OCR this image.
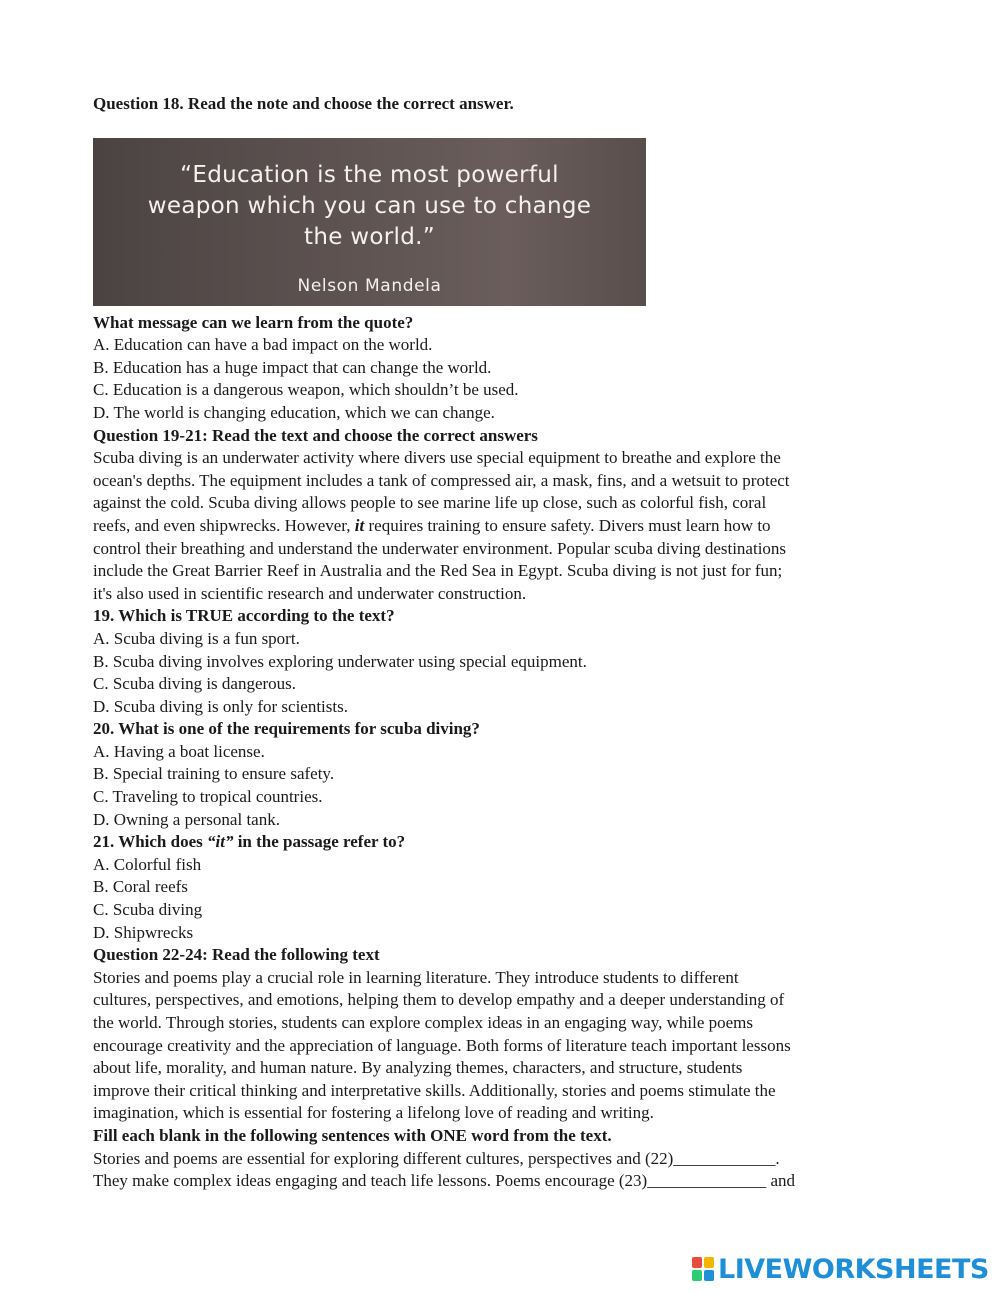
Question 18. Read the note and choose the correct answer.
“Education is the most powerful
weapon which you can use to change
the world.”
Nelson Mandela
What message can we learn from the quote?
A. Education can have a bad impact on the world.
B. Education has a huge impact that can change the world.
C. Education is a dangerous weapon, which shouldn’t be used.
D. The world is changing education, which we can change.
Question 19-21: Read the text and choose the correct answers
Scuba diving is an underwater activity where divers use special equipment to breathe and explore the
ocean's depths. The equipment includes a tank of compressed air, a mask, fins, and a wetsuit to protect
against the cold. Scuba diving allows people to see marine life up close, such as colorful fish, coral
reefs, and even shipwrecks. However, it requires training to ensure safety. Divers must learn how to
control their breathing and understand the underwater environment. Popular scuba diving destinations
include the Great Barrier Reef in Australia and the Red Sea in Egypt. Scuba diving is not just for fun;
it's also used in scientific research and underwater construction.
19. Which is TRUE according to the text?
A. Scuba diving is a fun sport.
B. Scuba diving involves exploring underwater using special equipment.
C. Scuba diving is dangerous.
D. Scuba diving is only for scientists.
20. What is one of the requirements for scuba diving?
A. Having a boat license.
B. Special training to ensure safety.
C. Traveling to tropical countries.
D. Owning a personal tank.
21. Which does “it” in the passage refer to?
A. Colorful fish
B. Coral reefs
C. Scuba diving
D. Shipwrecks
Question 22-24: Read the following text
Stories and poems play a crucial role in learning literature. They introduce students to different
cultures, perspectives, and emotions, helping them to develop empathy and a deeper understanding of
the world. Through stories, students can explore complex ideas in an engaging way, while poems
encourage creativity and the appreciation of language. Both forms of literature teach important lessons
about life, morality, and human nature. By analyzing themes, characters, and structure, students
improve their critical thinking and interpretative skills. Additionally, stories and poems stimulate the
imagination, which is essential for fostering a lifelong love of reading and writing.
Fill each blank in the following sentences with ONE word from the text.
Stories and poems are essential for exploring different cultures, perspectives and (22)____________.
They make complex ideas engaging and teach life lessons. Poems encourage (23)______________ and
LIVEWORKSHEETS
